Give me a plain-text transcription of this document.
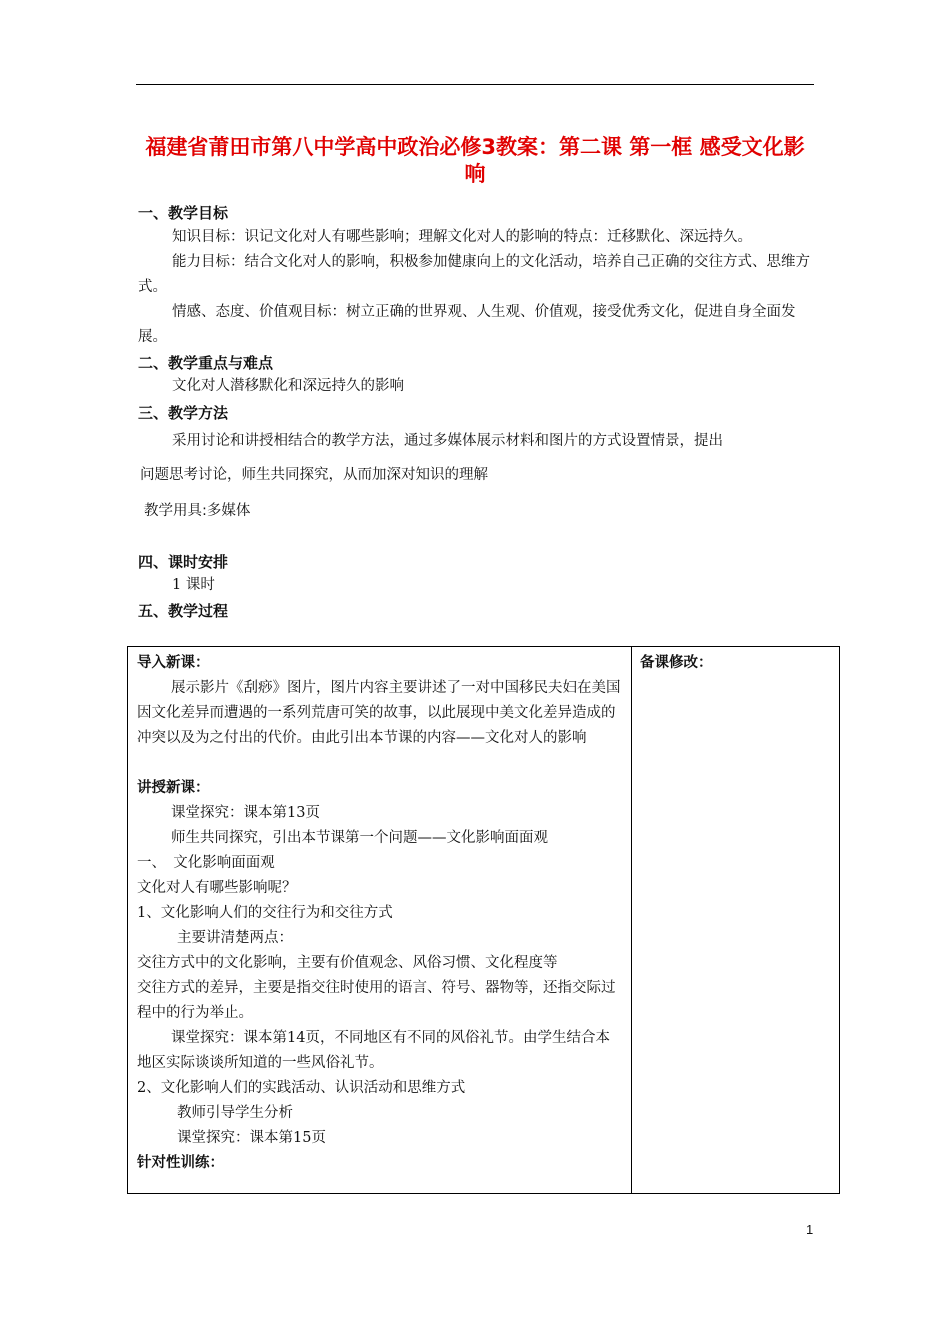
福建省莆田市第八中学高中政治必修3教案：第二课 第一框 感受文化影响
一、教学目标
知识目标：识记文化对人有哪些影响；理解文化对人的影响的特点：迁移默化、深远持久。
能力目标：结合文化对人的影响，积极参加健康向上的文化活动，培养自己正确的交往方式、思维方式。
情感、态度、价值观目标：树立正确的世界观、人生观、价值观，接受优秀文化，促进自身全面发展。
二、教学重点与难点
文化对人潜移默化和深远持久的影响
三、教学方法
采用讨论和讲授相结合的教学方法，通过多媒体展示材料和图片的方式设置情景，提出
问题思考讨论，师生共同探究，从而加深对知识的理解
教学用具:多媒体
四、课时安排
1 课时
五、教学过程
导入新课：
展示影片《刮痧》图片，图片内容主要讲述了一对中国移民夫妇在美国因文化差异而遭遇的一系列荒唐可笑的故事，以此展现中美文化差异造成的冲突以及为之付出的代价。由此引出本节课的内容——文化对人的影响
讲授新课：
课堂探究：课本第13页
师生共同探究，引出本节课第一个问题——文化影响面面观
一、　文化影响面面观
文化对人有哪些影响呢？
1、文化影响人们的交往行为和交往方式
主要讲清楚两点：
交往方式中的文化影响，主要有价值观念、风俗习惯、文化程度等
交往方式的差异，主要是指交往时使用的语言、符号、器物等，还指交际过程中的行为举止。
课堂探究：课本第14页，不同地区有不同的风俗礼节。由学生结合本地区实际谈谈所知道的一些风俗礼节。
2、文化影响人们的实践活动、认识活动和思维方式
教师引导学生分析
课堂探究：课本第15页
针对性训练：
备课修改：
1
